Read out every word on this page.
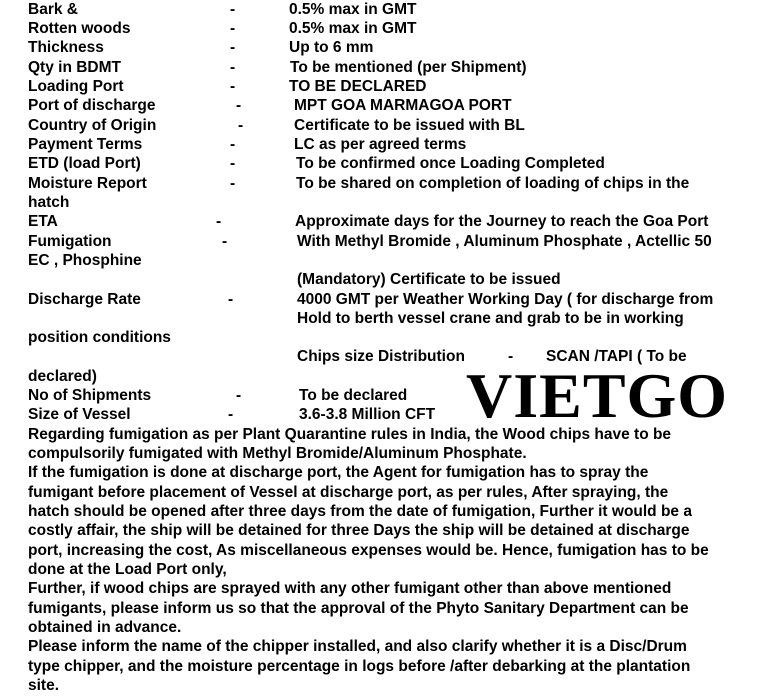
Bark &	-	0.5% max in GMT
Rotten woods	-	0.5% max in GMT
Thickness	-	Up to 6 mm
Qty in BDMT	-	To be mentioned (per Shipment)
Loading Port	-	TO BE DECLARED
Port of discharge	-	MPT GOA MARMAGOA PORT
Country of Origin	-	Certificate to be issued with BL
Payment Terms	-	LC as per agreed terms
ETD (load Port)	-	To be confirmed once Loading Completed
Moisture Report	-	To be shared on completion of loading of chips in the
hatch
ETA	-	Approximate days for the Journey to reach the Goa Port
Fumigation	-	With Methyl Bromide , Aluminum Phosphate , Actellic 50
EC , Phosphine
(Mandatory) Certificate to be issued
Discharge Rate	-	4000 GMT per Weather Working Day ( for discharge from
Hold to berth vessel crane and grab to be in working
position conditions
Chips size Distribution	- SCAN /TAPI ( To be
declared)
No of Shipments	-	To be declared
Size of Vessel	-	3.6-3.8 Million CFT VIETGO
Regarding fumigation as per Plant Quarantine rules in India, the Wood chips have to be
compulsorily fumigated with Methyl Bromide/Aluminum Phosphate.
If the fumigation is done at discharge port, the Agent for fumigation has to spray the
fumigant before placement of Vessel at discharge port, as per rules, After spraying, the
hatch should be opened after three days from the date of fumigation, Further it would be a
costly affair, the ship will be detained for three Days the ship will be detained at discharge
port, increasing the cost, As miscellaneous expenses would be. Hence, fumigation has to be
done at the Load Port only,
Further, if wood chips are sprayed with any other fumigant other than above mentioned
fumigants, please inform us so that the approval of the Phyto Sanitary Department can be
obtained in advance.
Please inform the name of the chipper installed, and also clarify whether it is a Disc/Drum
type chipper, and the moisture percentage in logs before /after debarking at the plantation
site.
